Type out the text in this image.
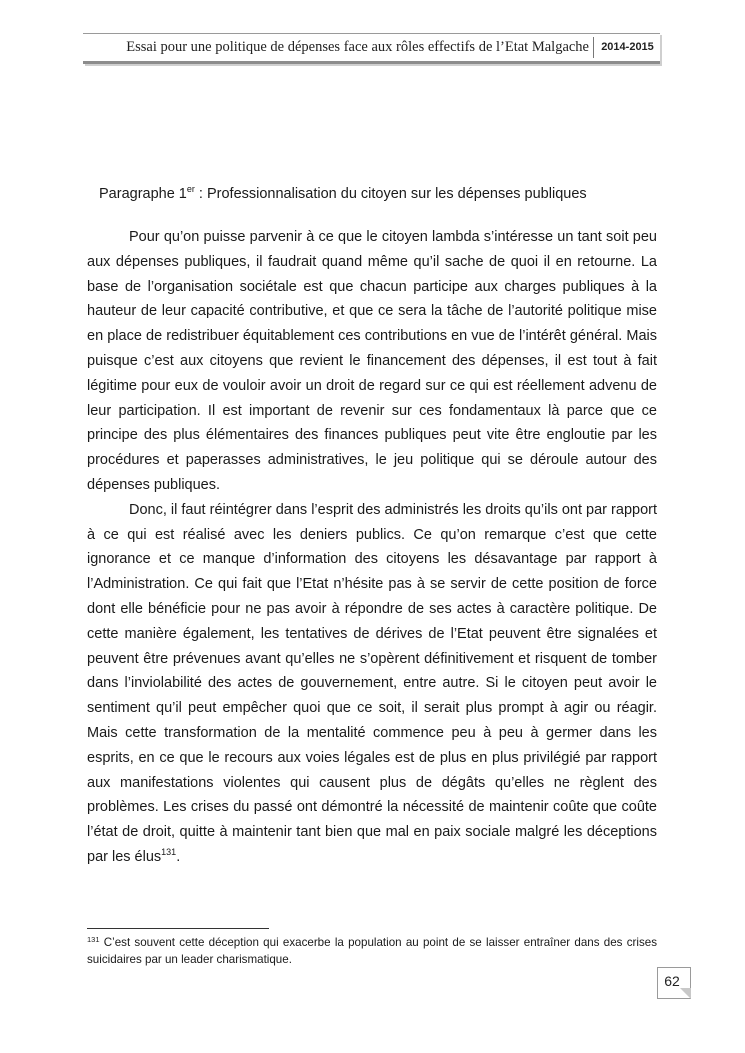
Essai pour une politique de dépenses face aux rôles effectifs de l’Etat Malgache	2014-2015
Paragraphe 1er : Professionnalisation du citoyen sur les dépenses publiques

Pour qu’on puisse parvenir à ce que le citoyen lambda s’intéresse un tant soit peu aux dépenses publiques, il faudrait quand même qu’il sache de quoi il en retourne. La base de l’organisation sociétale est que chacun participe aux charges publiques à la hauteur de leur capacité contributive, et que ce sera la tâche de l’autorité politique mise en place de redistribuer équitablement ces contributions en vue de l’intérêt général. Mais puisque c’est aux citoyens que revient le financement des dépenses, il est tout à fait légitime pour eux de vouloir avoir un droit de regard sur ce qui est réellement advenu de leur participation. Il est important de revenir sur ces fondamentaux là parce que ce principe des plus élémentaires des finances publiques peut vite être engloutie par les procédures et paperasses administratives, le jeu politique qui se déroule autour des dépenses publiques.

Donc, il faut réintégrer dans l’esprit des administrés les droits qu’ils ont par rapport à ce qui est réalisé avec les deniers publics. Ce qu’on remarque c’est que cette ignorance et ce manque d’information des citoyens les désavantage par rapport à l’Administration. Ce qui fait que l’Etat n’hésite pas à se servir de cette position de force dont elle bénéficie pour ne pas avoir à répondre de ses actes à caractère politique. De cette manière également, les tentatives de dérives de l’Etat peuvent être signalées et peuvent être prévenues avant qu’elles ne s’opèrent définitivement et risquent de tomber dans l’inviolabilité des actes de gouvernement, entre autre. Si le citoyen peut avoir le sentiment qu’il peut empêcher quoi que ce soit, il serait plus prompt à agir ou réagir. Mais cette transformation de la mentalité commence peu à peu à germer dans les esprits, en ce que le recours aux voies légales est de plus en plus privilégié par rapport aux manifestations violentes qui causent plus de dégâts qu’elles ne règlent des problèmes. Les crises du passé ont démontré la nécessité de maintenir coûte que coûte l’état de droit, quitte à maintenir tant bien que mal en paix sociale malgré les déceptions par les élus$^{131}$.

$^{131}$ C’est souvent cette déception qui exacerbe la population au point de se laisser entraîner dans des crises suicidaires par un leader charismatique.
62
